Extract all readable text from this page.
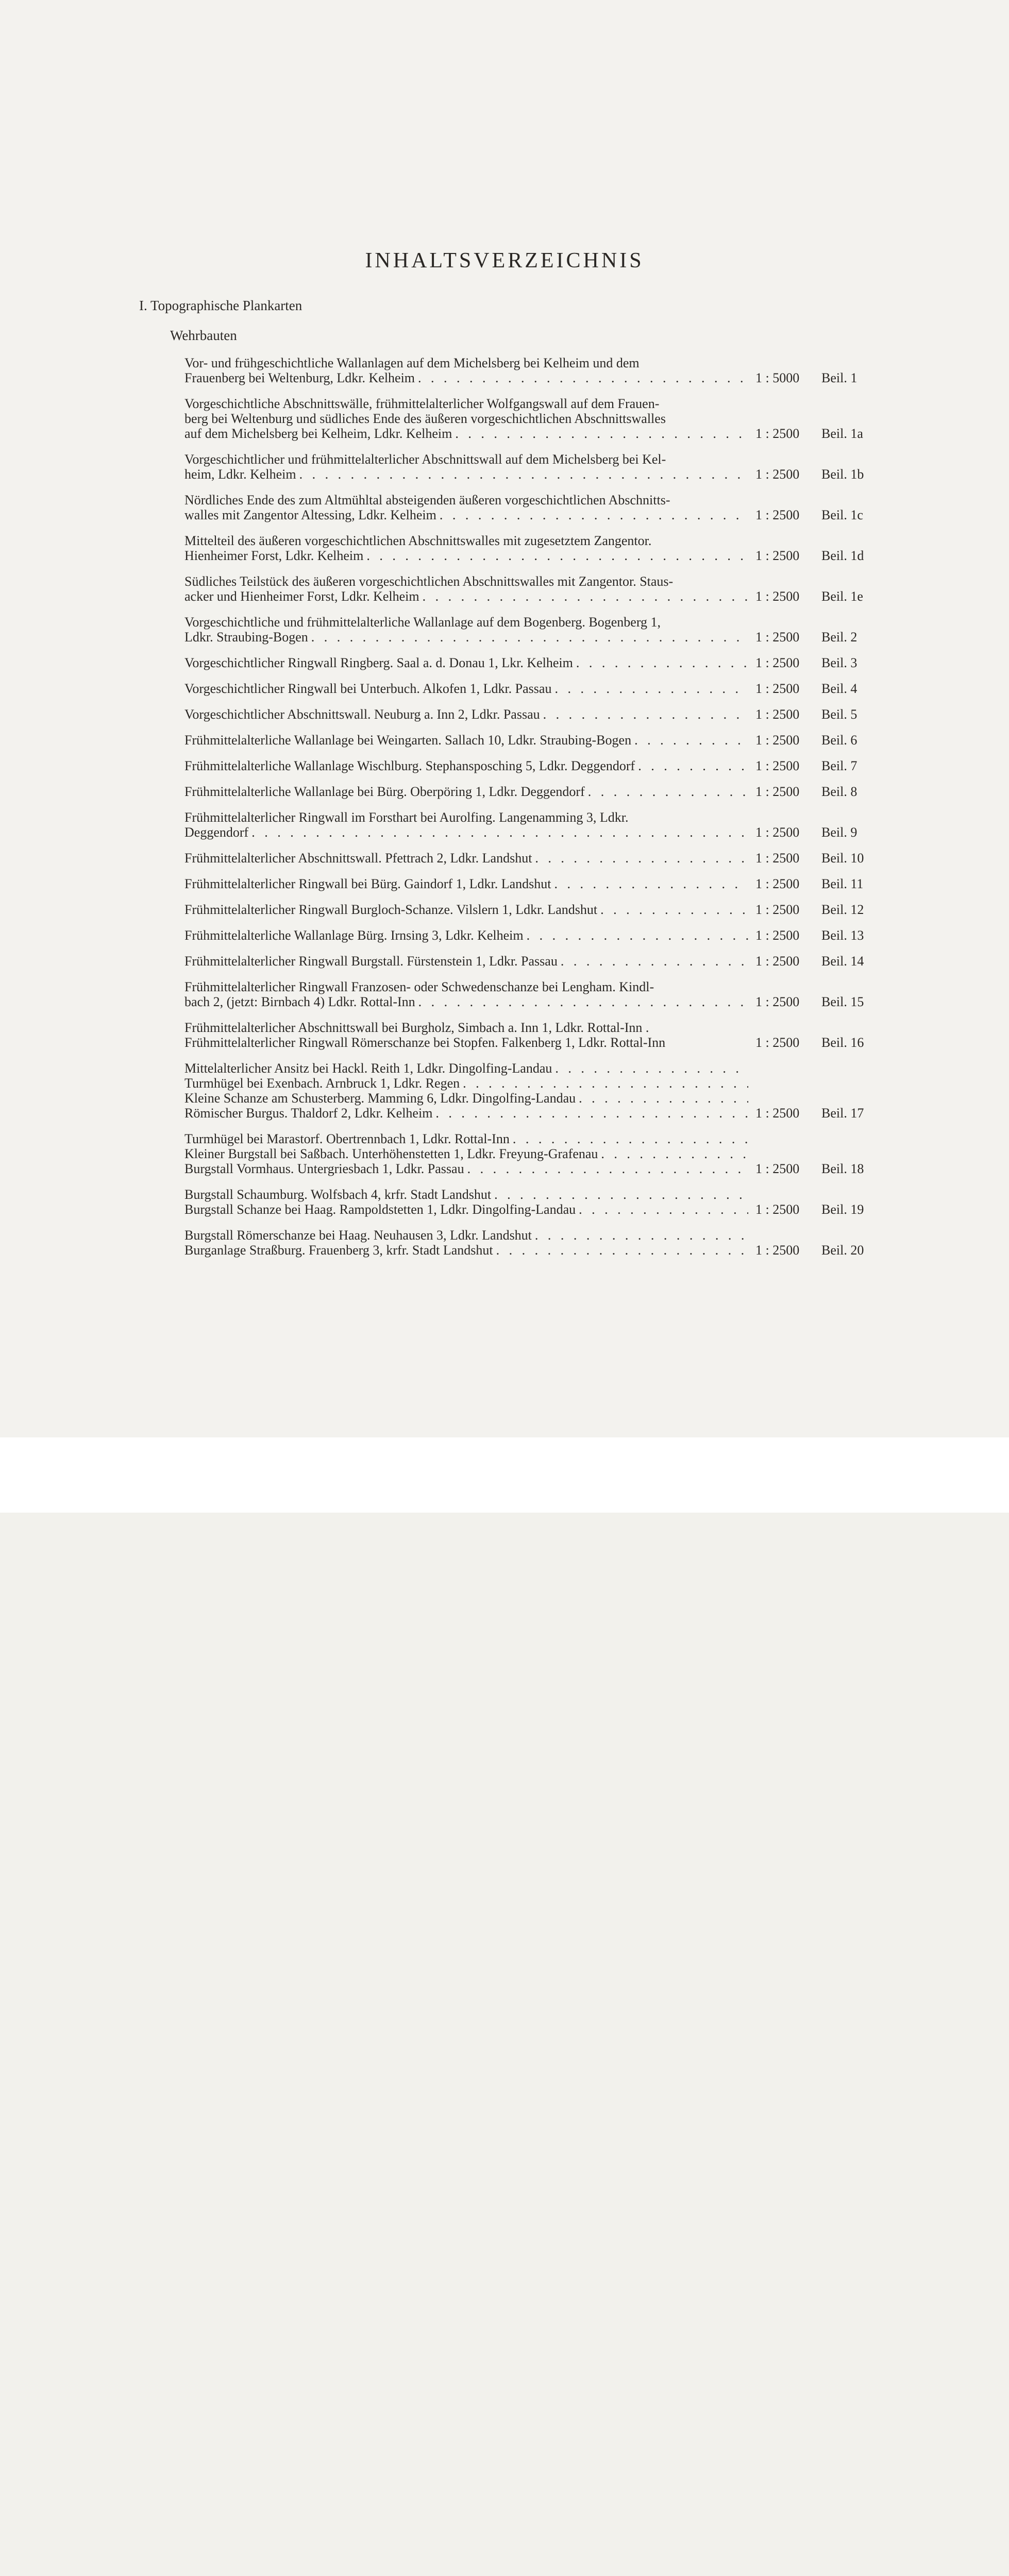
INHALTSVERZEICHNIS
I. Topographische Plankarten
Wehrbauten
Vor- und frühgeschichtliche Wallanlagen auf dem Michelsberg bei Kelheim und dem
Frauenberg bei Weltenburg, Ldkr. Kelheim . . .	1 : 5000	Beil. 1
Vorgeschichtliche Abschnittswälle, frühmittelalterlicher Wolfgangswall auf dem Frauen-
berg bei Weltenburg und südliches Ende des äußeren vorgeschichtlichen Abschnittswalles
auf dem Michelsberg bei Kelheim, Ldkr. Kelheim . . .	1 : 2500	Beil. 1a
Vorgeschichtlicher und frühmittelalterlicher Abschnittswall auf dem Michelsberg bei Kel-
heim, Ldkr. Kelheim . . .	1 : 2500	Beil. 1b
Nördliches Ende des zum Altmühltal absteigenden äußeren vorgeschichtlichen Abschnitts-
walles mit Zangentor Altessing, Ldkr. Kelheim . . .	1 : 2500	Beil. 1c
Mittelteil des äußeren vorgeschichtlichen Abschnittswalles mit zugesetztem Zangentor.
Hienheimer Forst, Ldkr. Kelheim . . .	1 : 2500	Beil. 1d
Südliches Teilstück des äußeren vorgeschichtlichen Abschnittswalles mit Zangentor. Staus-
acker und Hienheimer Forst, Ldkr. Kelheim . . .	1 : 2500	Beil. 1e
Vorgeschichtliche und frühmittelalterliche Wallanlage auf dem Bogenberg. Bogenberg 1,
Ldkr. Straubing-Bogen . . .	1 : 2500	Beil. 2
Vorgeschichtlicher Ringwall Ringberg. Saal a. d. Donau 1, Lkr. Kelheim . . .	1 : 2500	Beil. 3
Vorgeschichtlicher Ringwall bei Unterbuch. Alkofen 1, Ldkr. Passau . . .	1 : 2500	Beil. 4
Vorgeschichtlicher Abschnittswall. Neuburg a. Inn 2, Ldkr. Passau . . .	1 : 2500	Beil. 5
Frühmittelalterliche Wallanlage bei Weingarten. Sallach 10, Ldkr. Straubing-Bogen . . .	1 : 2500	Beil. 6
Frühmittelalterliche Wallanlage Wischlburg. Stephansposching 5, Ldkr. Deggendorf . . .	1 : 2500	Beil. 7
Frühmittelalterliche Wallanlage bei Bürg. Oberpöring 1, Ldkr. Deggendorf . . .	1 : 2500	Beil. 8
Frühmittelalterlicher Ringwall im Forsthart bei Aurolfing. Langenamming 3, Ldkr.
Deggendorf . . .	1 : 2500	Beil. 9
Frühmittelalterlicher Abschnittswall. Pfettrach 2, Ldkr. Landshut . . .	1 : 2500	Beil. 10
Frühmittelalterlicher Ringwall bei Bürg. Gaindorf 1, Ldkr. Landshut . . .	1 : 2500	Beil. 11
Frühmittelalterlicher Ringwall Burgloch-Schanze. Vilslern 1, Ldkr. Landshut . . .	1 : 2500	Beil. 12
Frühmittelalterliche Wallanlage Bürg. Irnsing 3, Ldkr. Kelheim . . .	1 : 2500	Beil. 13
Frühmittelalterlicher Ringwall Burgstall. Fürstenstein 1, Ldkr. Passau . . .	1 : 2500	Beil. 14
Frühmittelalterlicher Ringwall Franzosen- oder Schwedenschanze bei Lengham. Kindl-
bach 2, (jetzt: Birnbach 4) Ldkr. Rottal-Inn . . .	1 : 2500	Beil. 15
Frühmittelalterlicher Abschnittswall bei Burgholz, Simbach a. Inn 1, Ldkr. Rottal-Inn .
Frühmittelalterlicher Ringwall Römerschanze bei Stopfen. Falkenberg 1, Ldkr. Rottal-Inn	1 : 2500	Beil. 16
Mittelalterlicher Ansitz bei Hackl. Reith 1, Ldkr. Dingolfing-Landau
. . .
Turmhügel bei Exenbach. Arnbruck 1, Ldkr. Regen
. . .
Kleine Schanze am Schusterberg. Mamming 6, Ldkr. Dingolfing-Landau
. . .
Römischer Burgus. Thaldorf 2, Ldkr. Kelheim . . .	1 : 2500	Beil. 17
Turmhügel bei Marastorf. Obertrennbach 1, Ldkr. Rottal-Inn
. . .
Kleiner Burgstall bei Saßbach. Unterhöhenstetten 1, Ldkr. Freyung-Grafenau
. . .
Burgstall Vormhaus. Untergriesbach 1, Ldkr. Passau . . .	1 : 2500	Beil. 18
Burgstall Schaumburg. Wolfsbach 4, krfr. Stadt Landshut
. . .
Burgstall Schanze bei Haag. Rampoldstetten 1, Ldkr. Dingolfing-Landau . . .	1 : 2500	Beil. 19
Burgstall Römerschanze bei Haag. Neuhausen 3, Ldkr. Landshut
. . .
Burganlage Straßburg. Frauenberg 3, krfr. Stadt Landshut . . .	1 : 2500	Beil. 20
